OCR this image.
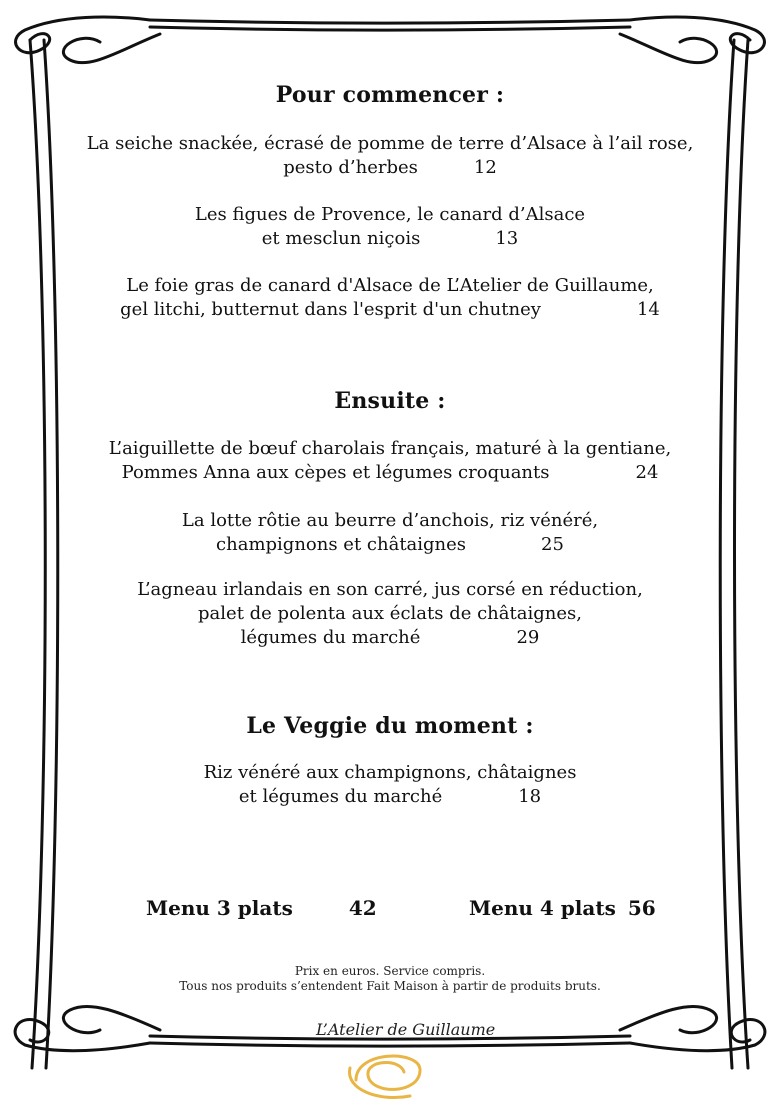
Pour commencer :
La seiche snackée, écrasé de pomme de terre d’Alsace à l’ail rose,
pesto d’herbes	12
Les figues de Provence, le canard d’Alsace
et mesclun niçois	13
Le foie gras de canard d'Alsace de L’Atelier de Guillaume,
gel litchi, butternut dans l'esprit d'un chutney	14
Ensuite :
L’aiguillette de bœuf charolais français, maturé à la gentiane,
Pommes Anna aux cèpes et légumes croquants	24
La lotte rôtie au beurre d’anchois, riz vénéré,
champignons et châtaignes	25
L’agneau irlandais en son carré, jus corsé en réduction,
palet de polenta aux éclats de châtaignes,
légumes du marché	29
Le Veggie du moment :
Riz vénéré aux champignons, châtaignes
et légumes du marché	18
Menu 3 plats	42	Menu 4 plats 56
Prix en euros. Service compris.
Tous nos produits s’entendent Fait Maison à partir de produits bruts.
L’Atelier de Guillaume
